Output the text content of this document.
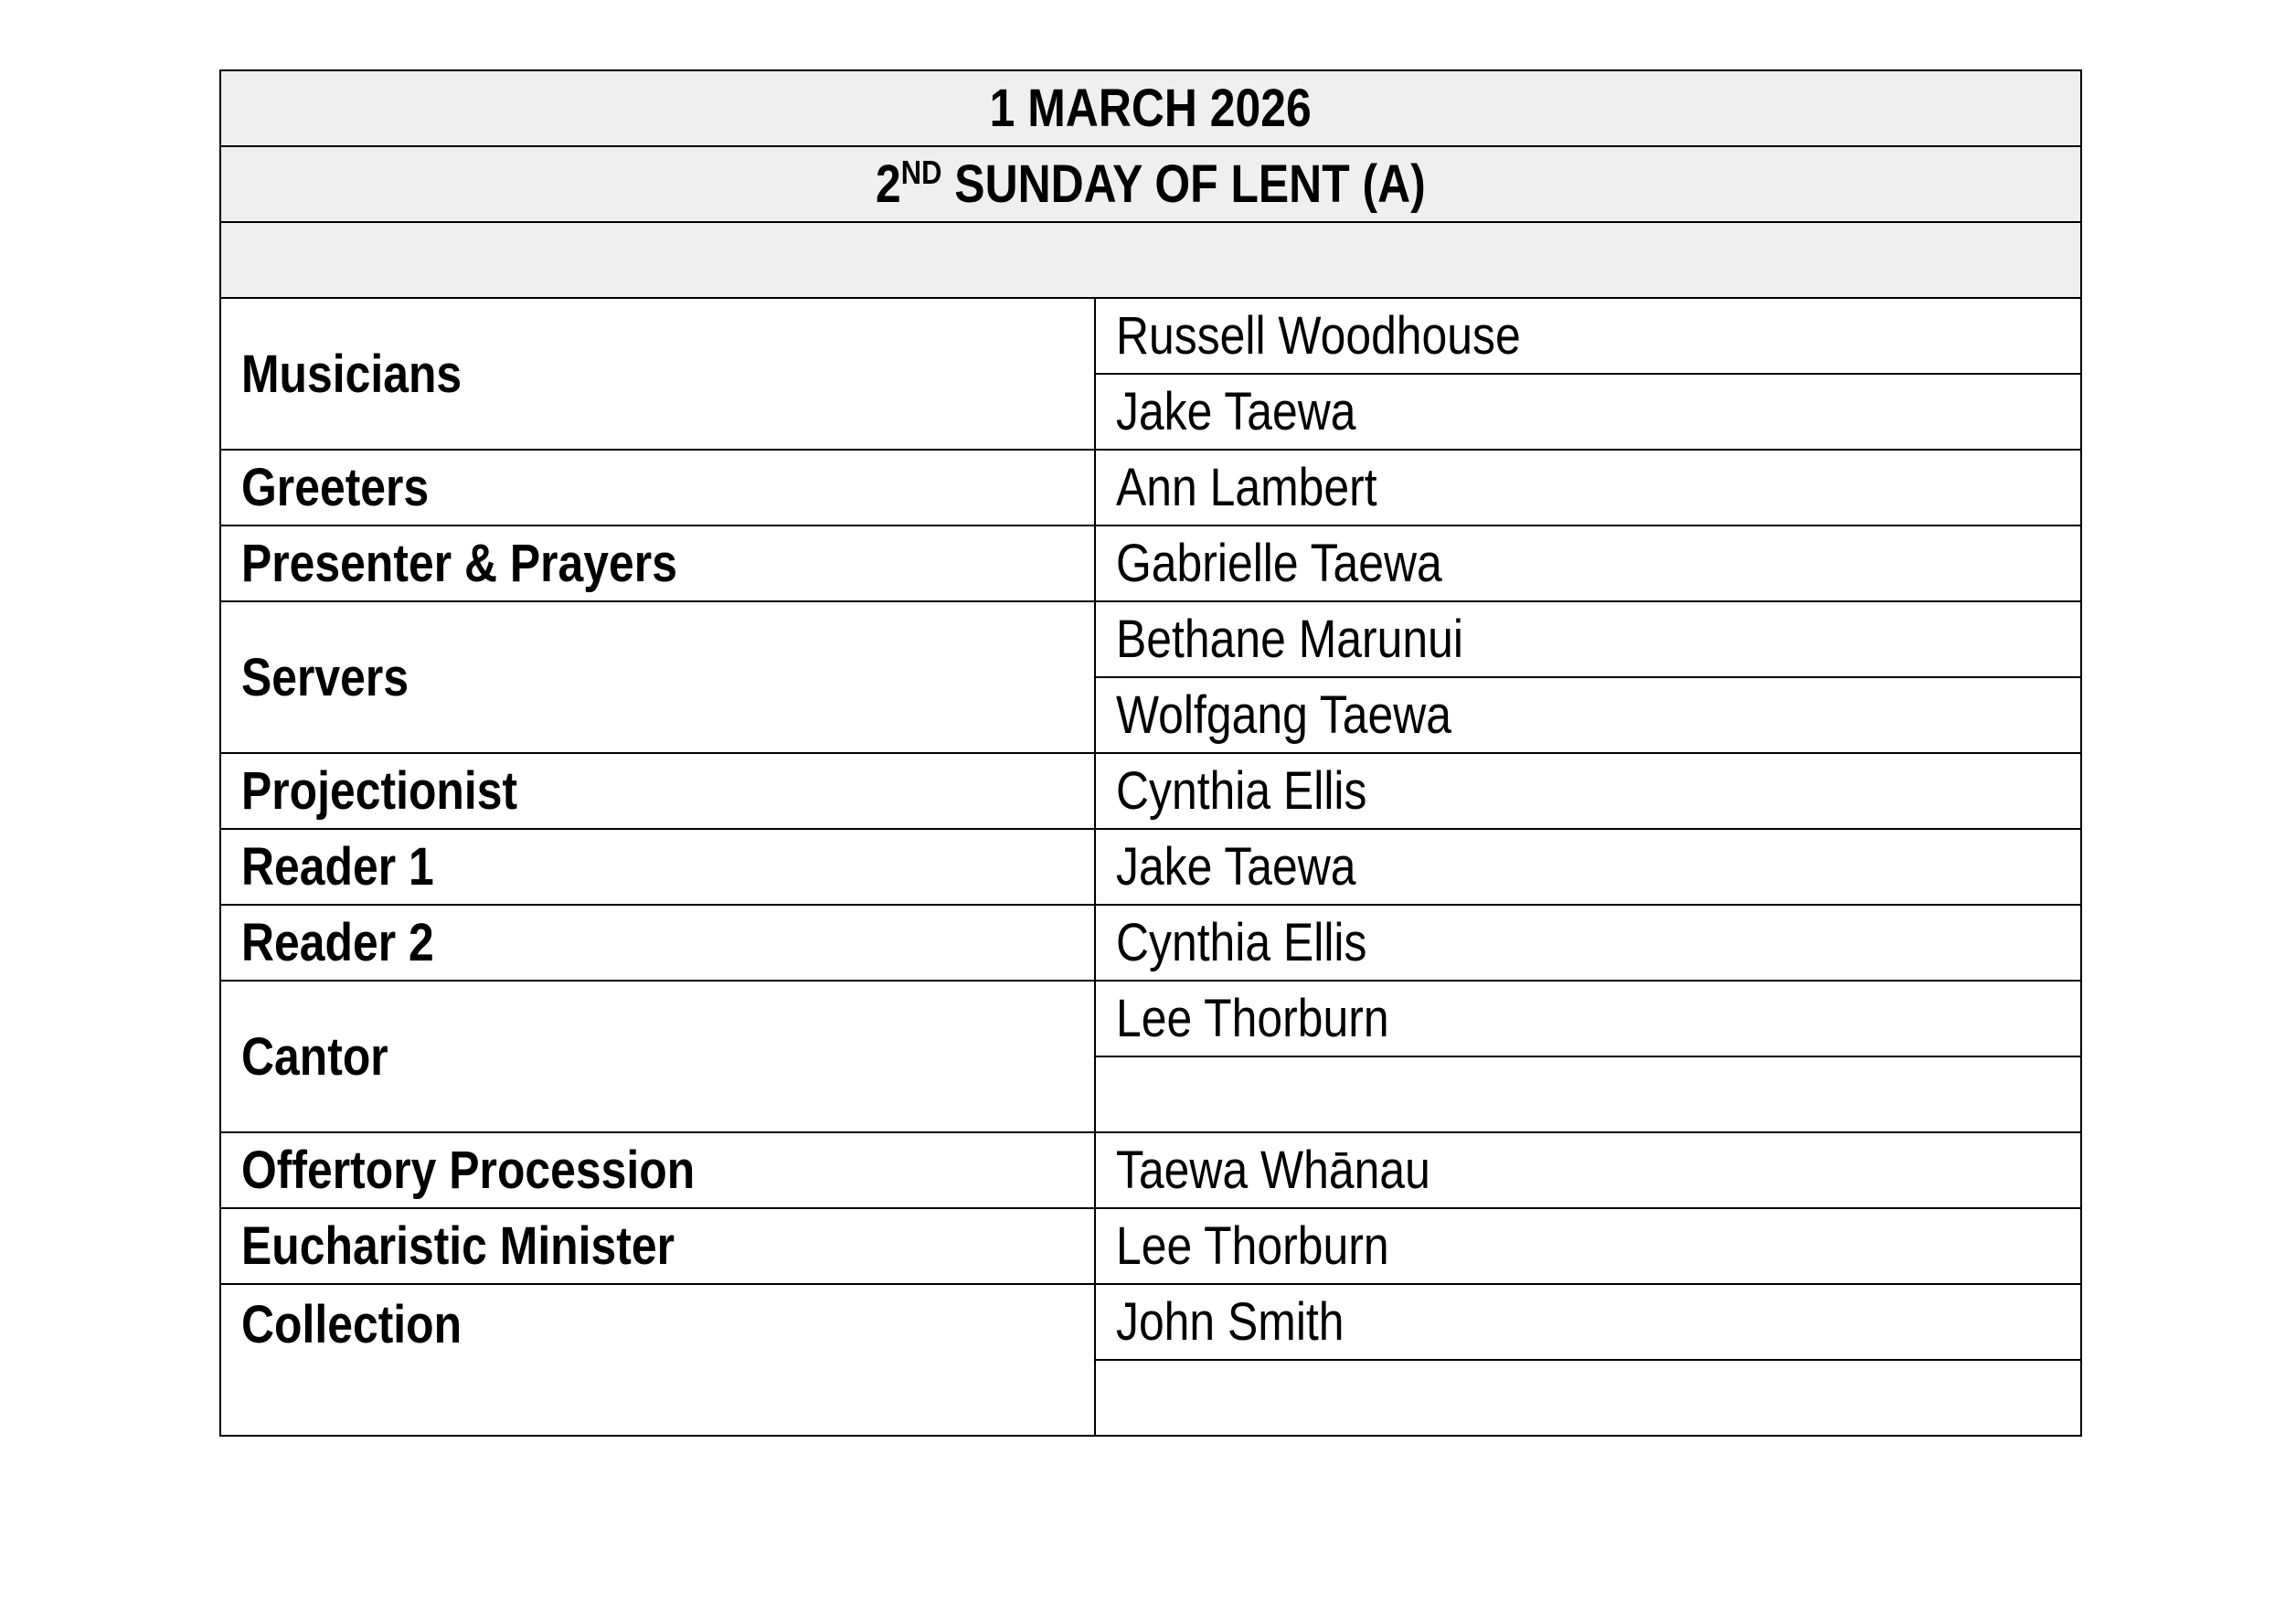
1 MARCH 2026	
2ND SUNDAY OF LENT (A)	

Musicians	Russell Woodhouse
	Jake Taewa
Greeters	Ann Lambert
Presenter & Prayers	Gabrielle Taewa
Servers	Bethane Marunui
	Wolfgang Taewa
Projectionist	Cynthia Ellis
Reader 1	Jake Taewa
Reader 2	Cynthia Ellis
Cantor	Lee Thorburn

Offertory Procession	Taewa Whānau
Eucharistic Minister	Lee Thorburn
Collection	John Smith
